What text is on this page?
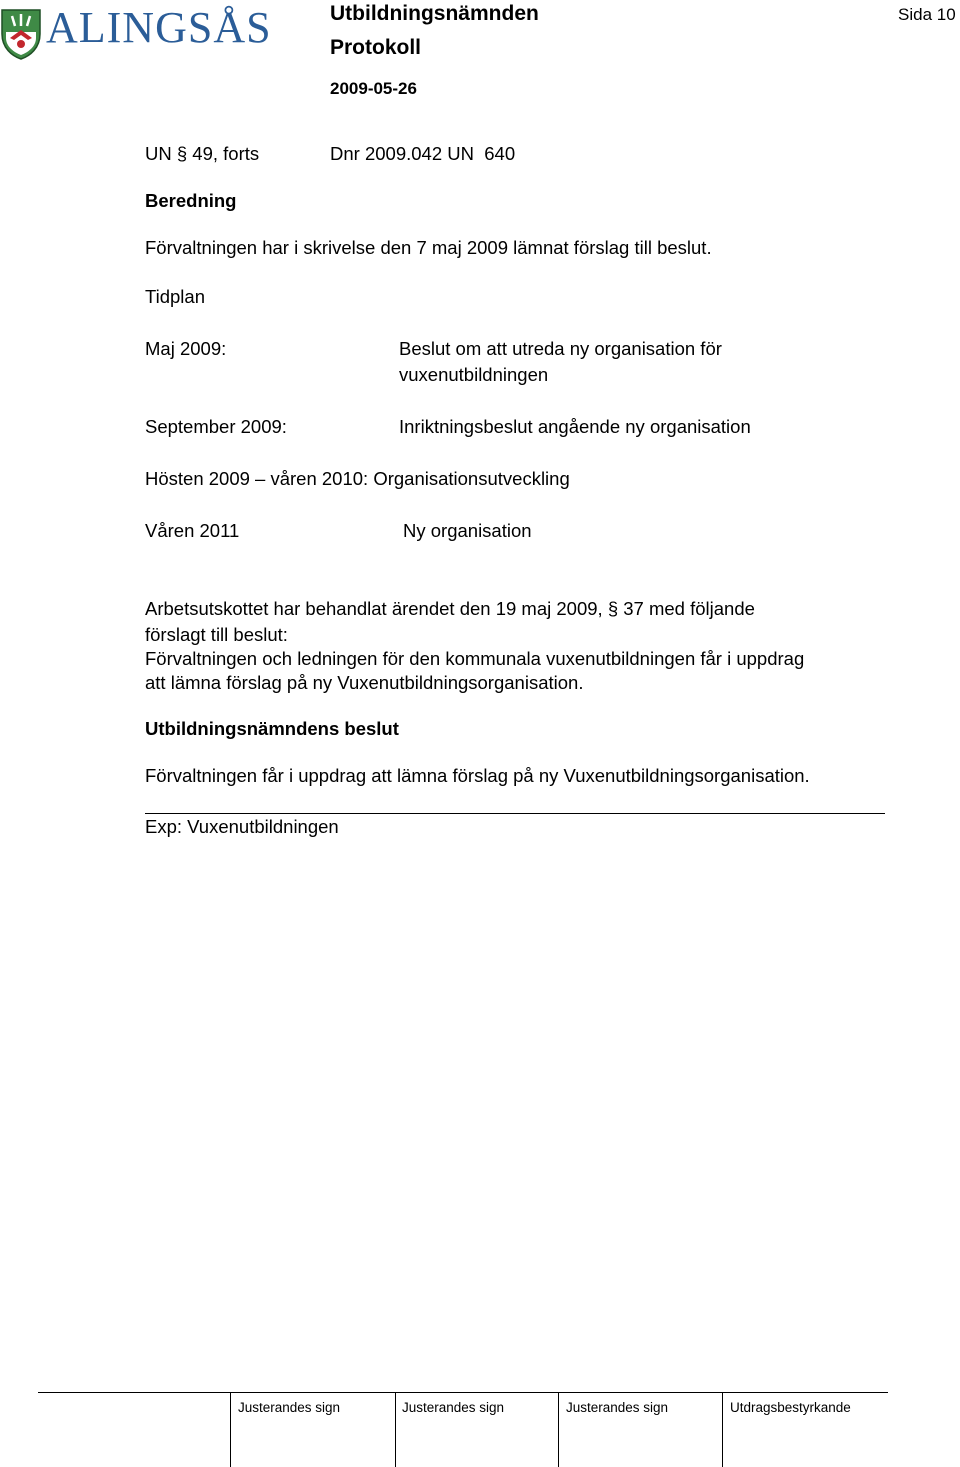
ALINGSÅS	Utbildningsnämnden
Protokoll
2009-05-26
Sida 10
UN § 49, forts	Dnr 2009.042 UN  640
Beredning
Förvaltningen har i skrivelse den 7 maj 2009 lämnat förslag till beslut.
Tidplan
Maj 2009:	Beslut om att utreda ny organisation för
vuxenutbildningen
September 2009:	Inriktningsbeslut angående ny organisation
Hösten 2009 – våren 2010: Organisationsutveckling
Våren 2011	Ny organisation
Arbetsutskottet har behandlat ärendet den 19 maj 2009, § 37 med följande
förslagt till beslut:
Förvaltningen och ledningen för den kommunala vuxenutbildningen får i uppdrag
att lämna förslag på ny Vuxenutbildningsorganisation.
Utbildningsnämndens beslut
Förvaltningen får i uppdrag att lämna förslag på ny Vuxenutbildningsorganisation.
Exp: Vuxenutbildningen
Justerandes sign	Justerandes sign	Justerandes sign	Utdragsbestyrkande
